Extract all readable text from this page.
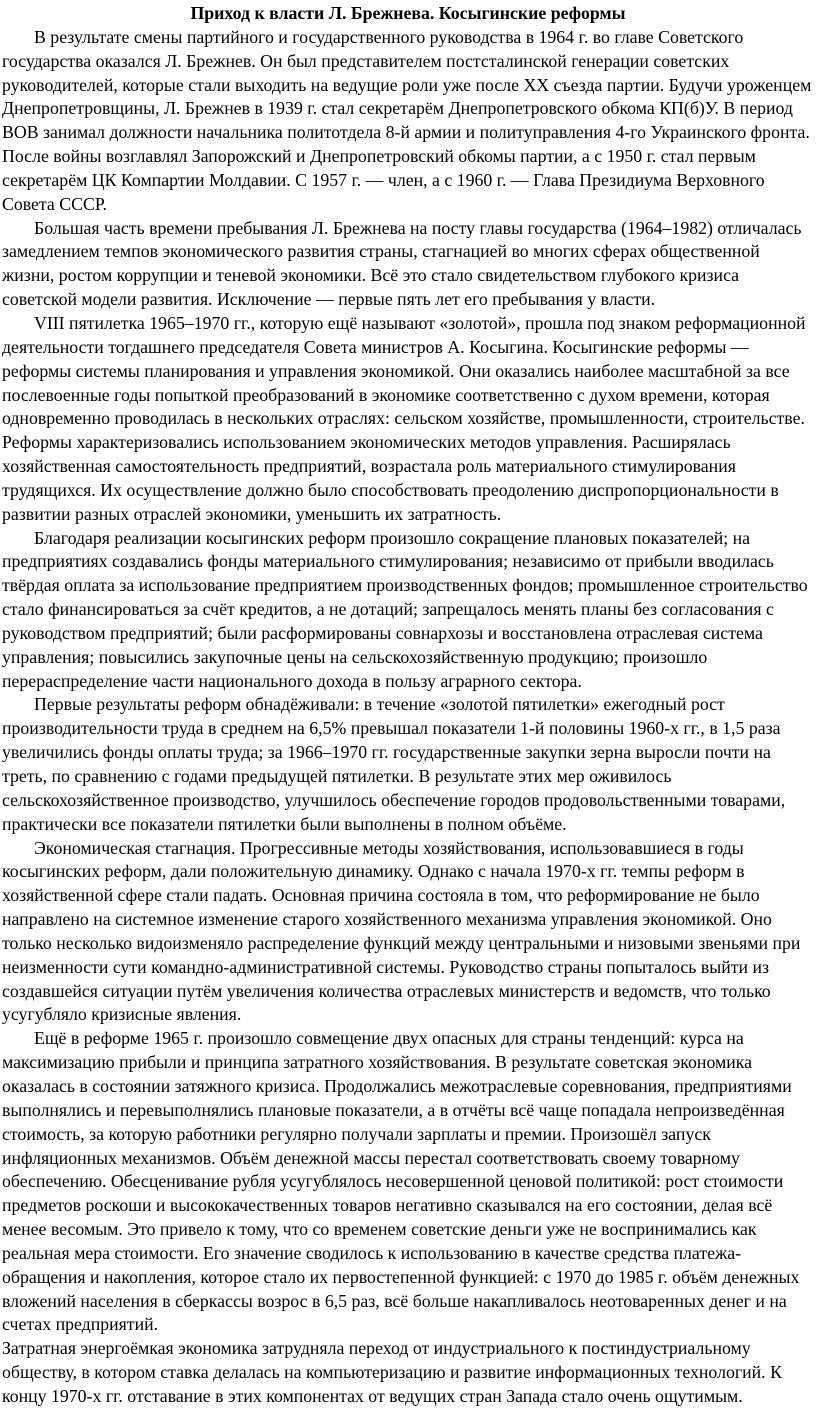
Приход к власти Л. Брежнева. Косыгинские реформы

В результате смены партийного и государственного руководства в 1964 г. во главе Советского государства оказался Л. Брежнев. Он был представителем постсталинской генерации советских руководителей, которые стали выходить на ведущие роли уже после XX съезда партии. Будучи уроженцем Днепропетровщины, Л. Брежнев в 1939 г. стал секретарём Днепропетровского обкома КП(б)У. В период ВОВ занимал должности начальника политотдела 8-й армии и политуправления 4-го Украинского фронта. После войны возглавлял Запорожский и Днепропетровский обкомы партии, а с 1950 г. стал первым секретарём ЦК Компартии Молдавии. С 1957 г. — член, а с 1960 г. — Глава Президиума Верховного Совета СССР.

Большая часть времени пребывания Л. Брежнева на посту главы государства (1964–1982) отличалась замедлением темпов экономического развития страны, стагнацией во многих сферах общественной жизни, ростом коррупции и теневой экономики. Всё это стало свидетельством глубокого кризиса советской модели развития. Исключение — первые пять лет его пребывания у власти.

VIII пятилетка 1965–1970 гг., которую ещё называют «золотой», прошла под знаком реформационной деятельности тогдашнего председателя Совета министров А. Косыгина. Косыгинские реформы — реформы системы планирования и управления экономикой. Они оказались наиболее масштабной за все послевоенные годы попыткой преобразований в экономике соответственно с духом времени, которая одновременно проводилась в нескольких отраслях: сельском хозяйстве, промышленности, строительстве. Реформы характеризовались использованием экономических методов управления. Расширялась хозяйственная самостоятельность предприятий, возрастала роль материального стимулирования трудящихся. Их осуществление должно было способствовать преодолению диспропорциональности в развитии разных отраслей экономики, уменьшить их затратность.

Благодаря реализации косыгинских реформ произошло сокращение плановых показателей; на предприятиях создавались фонды материального стимулирования; независимо от прибыли вводилась твёрдая оплата за использование предприятием производственных фондов; промышленное строительство стало финансироваться за счёт кредитов, а не дотаций; запрещалось менять планы без согласования с руководством предприятий; были расформированы совнархозы и восстановлена отраслевая система управления; повысились закупочные цены на сельскохозяйственную продукцию; произошло перераспределение части национального дохода в пользу аграрного сектора.

Первые результаты реформ обнадёживали: в течение «золотой пятилетки» ежегодный рост производительности труда в среднем на 6,5% превышал показатели 1-й половины 1960-х гг., в 1,5 раза увеличились фонды оплаты труда; за 1966–1970 гг. государственные закупки зерна выросли почти на треть, по сравнению с годами предыдущей пятилетки. В результате этих мер оживилось сельскохозяйственное производство, улучшилось обеспечение городов продовольственными товарами, практически все показатели пятилетки были выполнены в полном объёме.

Экономическая стагнация. Прогрессивные методы хозяйствования, использовавшиеся в годы косыгинских реформ, дали положительную динамику. Однако с начала 1970-х гг. темпы реформ в хозяйственной сфере стали падать. Основная причина состояла в том, что реформирование не было направлено на системное изменение старого хозяйственного механизма управления экономикой. Оно только несколько видоизменяло распределение функций между центральными и низовыми звеньями при неизменности сути командно-административной системы. Руководство страны попыталось выйти из создавшейся ситуации путём увеличения количества отраслевых министерств и ведомств, что только усугубляло кризисные явления.

Ещё в реформе 1965 г. произошло совмещение двух опасных для страны тенденций: курса на максимизацию прибыли и принципа затратного хозяйствования. В результате советская экономика оказалась в состоянии затяжного кризиса. Продолжались межотраслевые соревнования, предприятиями выполнялись и перевыполнялись плановые показатели, а в отчёты всё чаще попадала непроизведённая стоимость, за которую работники регулярно получали зарплаты и премии. Произошёл запуск инфляционных механизмов. Объём денежной массы перестал соответствовать своему товарному обеспечению. Обесценивание рубля усугублялось несовершенной ценовой политикой: рост стоимости предметов роскоши и высококачественных товаров негативно сказывался на его состоянии, делая всё менее весомым. Это привело к тому, что со временем советские деньги уже не воспринимались как реальная мера стоимости. Его значение сводилось к использованию в качестве средства платежа-обращения и накопления, которое стало их первостепенной функцией: с 1970 до 1985 г. объём денежных вложений населения в сберкассы возрос в 6,5 раз, всё больше накапливалось неотоваренных денег и на счетах предприятий.

Затратная энергоёмкая экономика затрудняла переход от индустриального к постиндустриальному обществу, в котором ставка делалась на компьютеризацию и развитие информационных технологий. К концу 1970-х гг. отставание в этих компонентах от ведущих стран Запада стало очень ощутимым.
